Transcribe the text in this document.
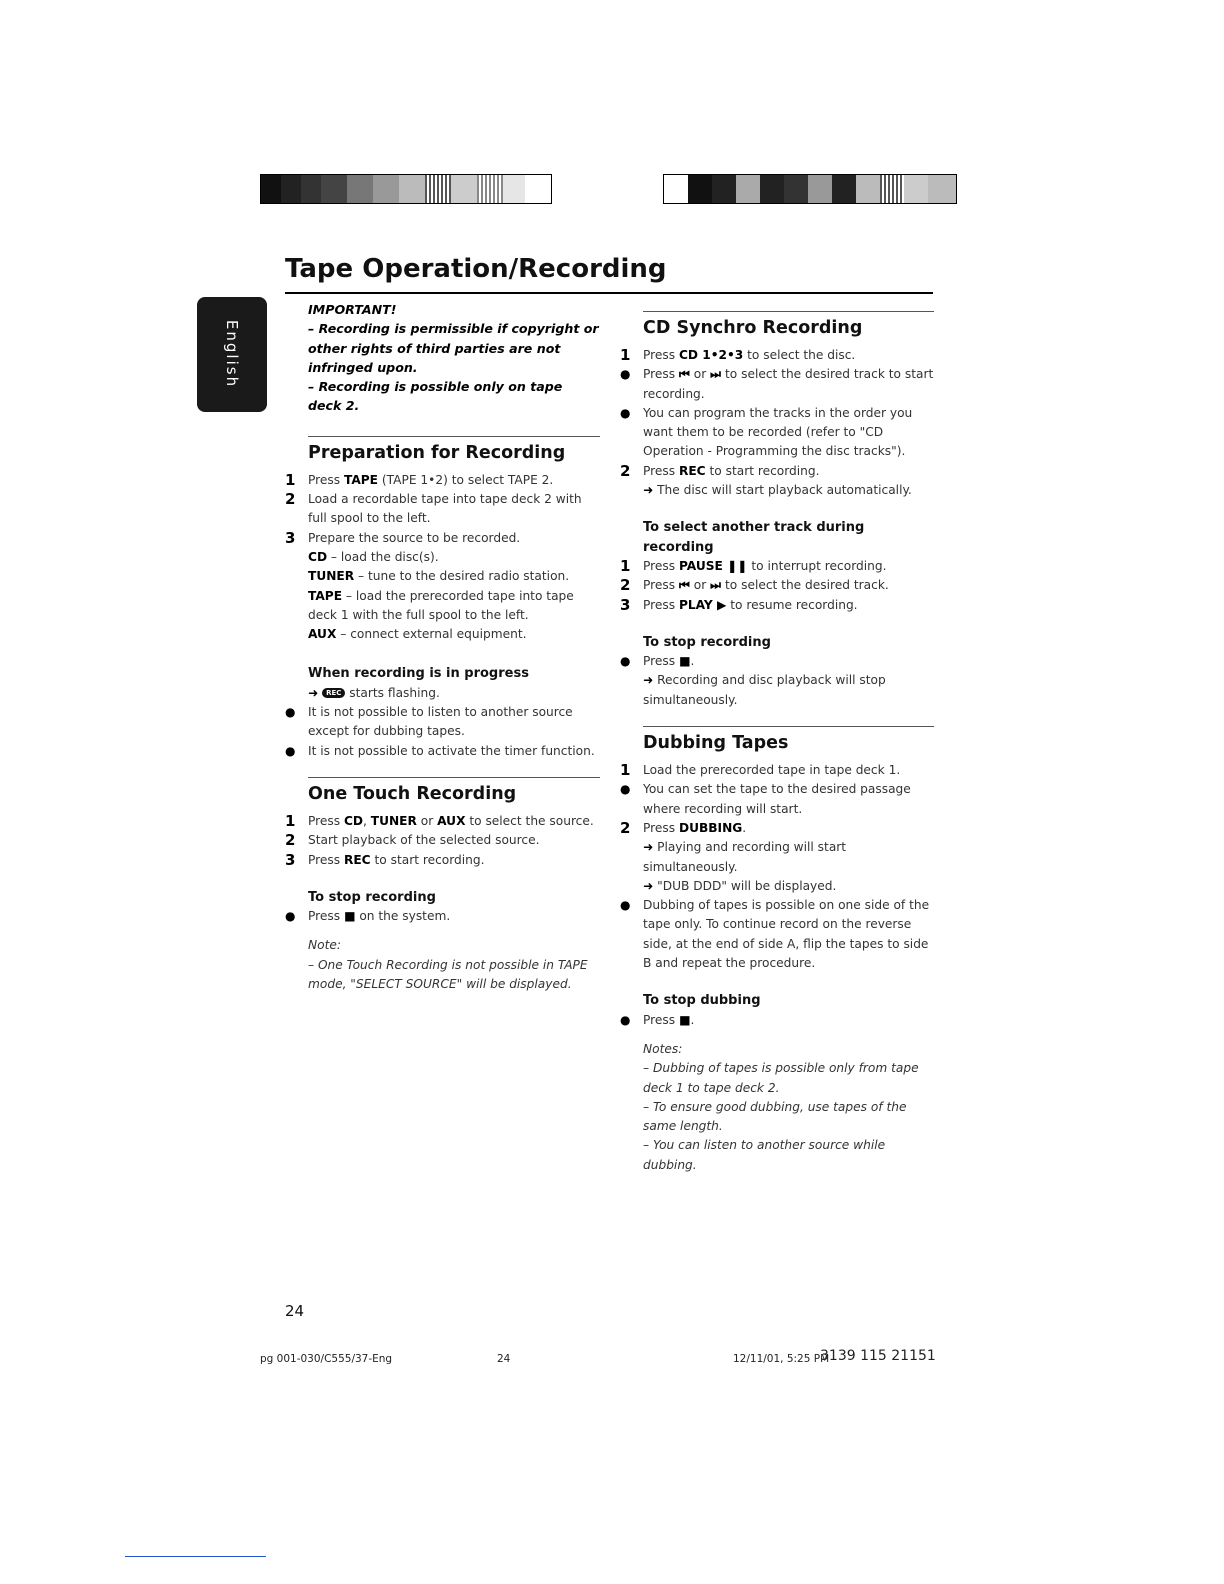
Tape Operation/Recording
English
IMPORTANT!
– Recording is permissible if copyright or other rights of third parties are not infringed upon.
– Recording is possible only on tape deck 2.
Preparation for Recording
1	Press TAPE (TAPE 1•2) to select TAPE 2.
2	Load a recordable tape into tape deck 2 with full spool to the left.
3	Prepare the source to be recorded.
CD – load the disc(s).
TUNER – tune to the desired radio station.
TAPE – load the prerecorded tape into tape deck 1 with the full spool to the left.
AUX – connect external equipment.
When recording is in progress
➜ REC starts flashing.
●	It is not possible to listen to another source except for dubbing tapes.
●	It is not possible to activate the timer function.
One Touch Recording
1	Press CD, TUNER or AUX to select the source.
2	Start playback of the selected source.
3	Press REC to start recording.
To stop recording
●	Press ■ on the system.
Note:
– One Touch Recording is not possible in TAPE mode, "SELECT SOURCE" will be displayed.
CD Synchro Recording
1	Press CD 1•2•3 to select the disc.
●	Press ⏮ or ⏭ to select the desired track to start recording.
●	You can program the tracks in the order you want them to be recorded (refer to "CD Operation - Programming the disc tracks").
2	Press REC to start recording.
➜ The disc will start playback automatically.
To select another track during recording
1	Press PAUSE ❚❚ to interrupt recording.
2	Press ⏮ or ⏭ to select the desired track.
3	Press PLAY ▶ to resume recording.
To stop recording
●	Press ■.
➜ Recording and disc playback will stop simultaneously.
Dubbing Tapes
1	Load the prerecorded tape in tape deck 1.
●	You can set the tape to the desired passage where recording will start.
2	Press DUBBING.
➜ Playing and recording will start simultaneously.
➜ "DUB DDD" will be displayed.
●	Dubbing of tapes is possible on one side of the tape only. To continue record on the reverse side, at the end of side A, flip the tapes to side B and repeat the procedure.
To stop dubbing
●	Press ■.
Notes:
– Dubbing of tapes is possible only from tape deck 1 to tape deck 2.
– To ensure good dubbing, use tapes of the same length.
– You can listen to another source while dubbing.
24
pg 001-030/C555/37-Eng	24	12/11/01, 5:25 PM
3139 115 21151
